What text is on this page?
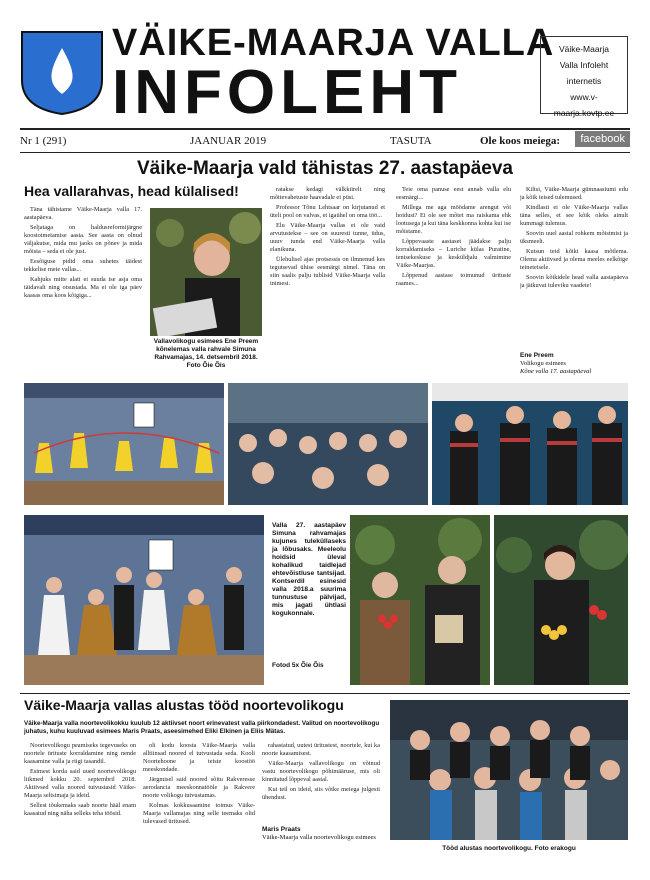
VÄIKE-MAARJA VALLA
INFOLEHT
Väike-Maarja
Valla Infoleht
internetis
www.v-maarja.kovtp.ee
Nr 1 (291)	JAANUAR 2019	TASUTA	Ole koos meiega:	facebook
Väike-Maarja vald tähistas 27. aastapäeva
Hea vallarahvas, head külalised!

Täna tähistame Väike-Maarja valla 17. aastapäeva.

Seljataga on haldusreformijärgne koostoimetamise aasta. See aasta on olnud väljakutse, mida mu jaoks on põnev ja mida mõista – seda ei ole just.

Eesõiguse pidid oma suhetes täidest tekkelise meie vallas...

Kahjuks mitte alati ei suuda ise asja oma täidavalt ning otsustada. Ma ei ole iga päev kaasas oma koos kõigiga...

Vallavolikogu esimees Ene Preem kõnelemas valla rahvale Simuna Rahvamajas, 14. detsembril 2018. Foto Õie Õis

ratakse kedagi välkkiirelt ning mõttevahetuste haavadale ei püsi.

Professor Tõnu Lehtsaar on kirjutanud et ütelt pool on valvas, et igaühel on oma töö...

Elu Väike-Maarja vallas ei ole vaid arvutustekse – see on suuresti tunne, üdus, uuuv tunda end Väike-Maarja valla elanikuna.

Ülehulisel ajas protsessis on ilmnenud kes tegutsevad ühise eesmärgi nimel. Täna on siin saalis palju tublisid Väike-Maarja valla inimesi.

Teie oma panuse eest annab valla elu eesmärgi...

Millega me aga möödame arengut või hoidust? Ei ole see mõtet ma raiskama ehk lootusega ja kui täna keskkonna kohta kui ise mõistame.

Lõppevaaste aastaset jäädakse palju korraldamiseks – Luriche külas Puratine, tenisekeskuse ja kesküldjalu valmimine Väike-Maarjas.

Lõppenud aastase toimunud ürituste raames...

Kiltsi, Väike-Maarja gümnaasiumi edu ja kõik teised tulemused.

Kindlasti ei ole Väike-Maarja vallas täna selles, et see kõik oleks ainult kummagi tulemus.

Soovin uuel aastal rohkem mõistmist ja üksmeelt.

Kutsun teid kõiki kaasa mõtlema. Olema aktiivsed ja olema meeles eelkõige teineteisele.

Soovin kõikidele head valla aastapäeva ja jätkuvat tuleviku vaadete!

Ene Preem
Volikogu esimees
Kõne valla 17. aastapäeval
Valla 27. aastapäev Simuna rahvamajas kujunes tuleküllaseks ja lõbusaks. Meeleolu hoidsid üleval kohalikud taidlejad ehtevõistluse tantsijad. Kontserdil esinesid valla 2018.a suurima tunnustuse pälvijad, mis jagati ühtlasi kogukonnale.
Fotod 5x Õie Õis
Väike-Maarja vallas alustas tööd noortevolikogu
Väike-Maarja valla noortevolikokku kuulub 12 aktiivset noort erinevatest valla piirkondadest. Valitud on noortevolikogu juhatus, kuhu kuuluvad esimees Maris Praats, aseesimehed Eliki Elkinen ja Eliis Mätas.

Noortevolikogu peamiseks tegevuseks on noortele ürituste korraldamine ning nende kaasamine valla ja riigi tasandil.

Esimest korda said uued noortevolikogu liikmed kokku 20. septembril 2018. Aktiivsed valla noored tutvustasid Väike-Maarja seltsimaja ja ideid.

Sellest tõukemaks saab noorte hääl enam kaasatud ning näha selleks teha töösid.

oli kodu koosta Väike-Maarja valla alltiinsad noored el tutvustada seda. Kooli Noortehoone ja teiste koostöö meeskondade.

Järgmisel said noored sõitu Rakveresse aerodancia meeskonnatööle ja Rakvere noorte volikogu tutvustamas.

Kolmas kokkusaamine toimus Väike-Maarja vallamajas ning selle teemaks olid tulevased üritused.

rahastatud, uutest üritustest, noortele, kui ka noorte kaasamisest.

Väike-Maarja vallavolikogu on võtnud vastu noortevolikogu põhimääruse, mis oli kinnitatud lõppeval aastal.

Kui teil on ideid, siis võtke meiega julgesti ühendust.

Maris Praats
Väike-Maarja valla noortevolikogu esimees
Tööd alustas noortevolikogu. Foto erakogu
